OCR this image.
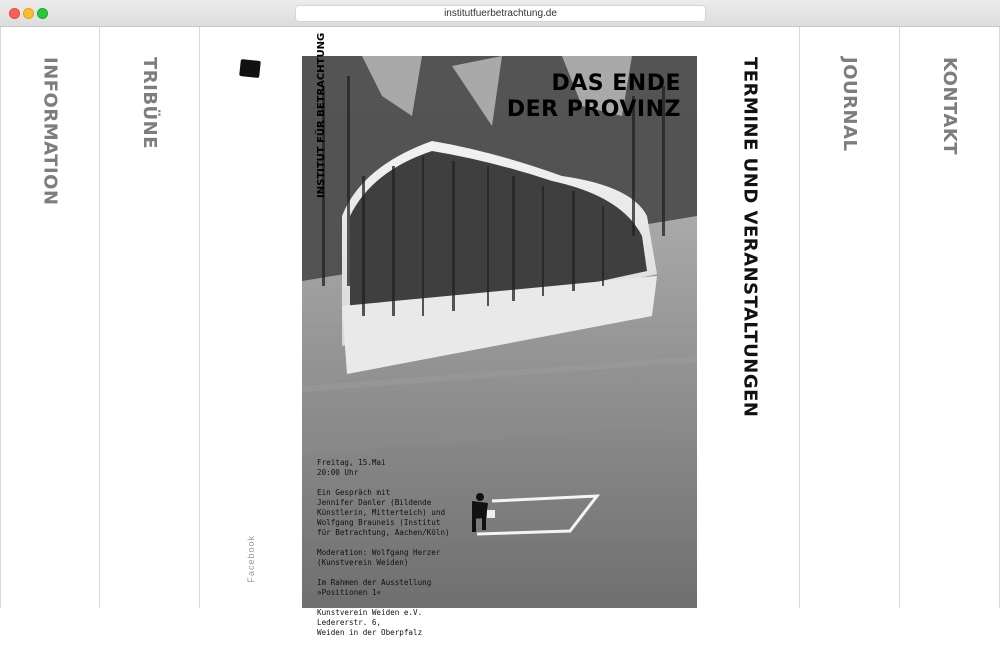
institutfuerbetrachtung.de
INFORMATION	TRIBÜNE
Facebook
INSTITUT FÜR BETRACHTUNG	DAS ENDE
DER PROVINZ

Freitag, 15.Mai
20:00 Uhr

Ein Gespräch mit
Jennifer Danler (Bildende
Künstlerin, Mitterteich) und
Wolfgang Brauneis (Institut
für Betrachtung, Aachen/Köln)

Moderation: Wolfgang Herzer
(Kunstverein Weiden)

Im Rahmen der Ausstellung
»Positionen 1«

Kunstverein Weiden e.V.
Ledererstr. 6,
Weiden in der Oberpfalz

TERMINE UND VERANSTALTUNGEN	JOURNAL	KONTAKT
